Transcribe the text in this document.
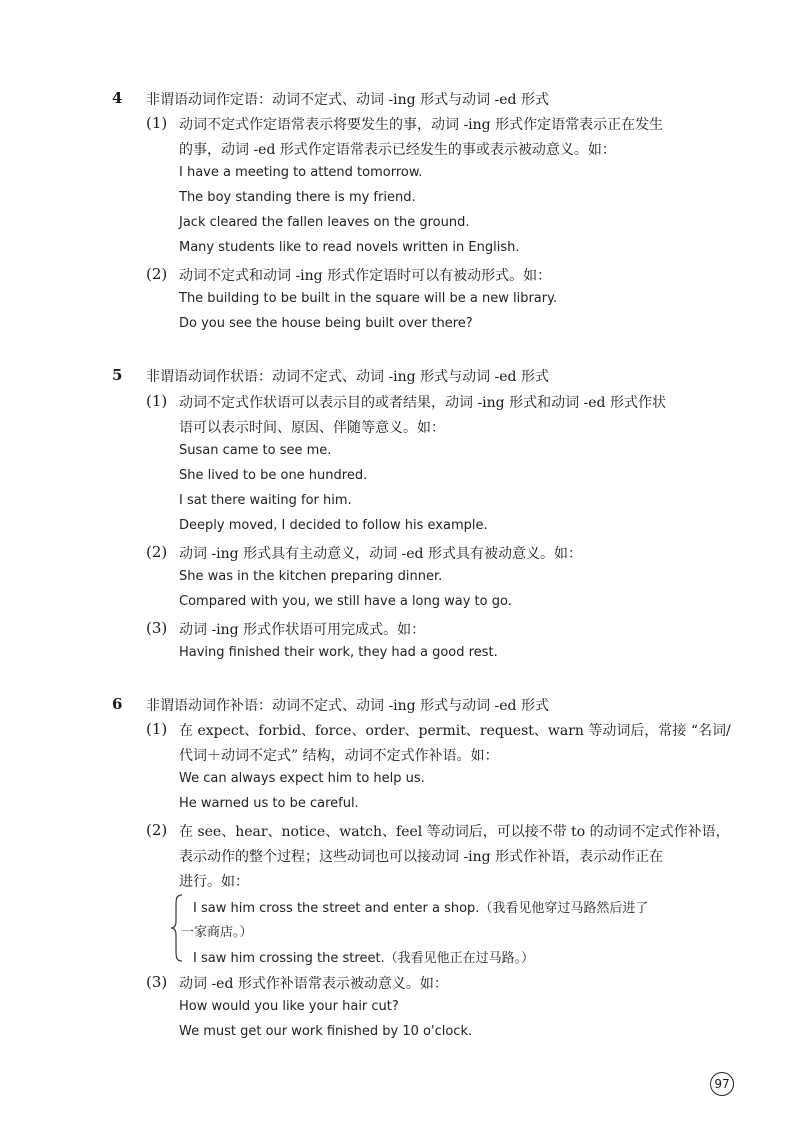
4 非谓语动词作定语：动词不定式、动词 -ing 形式与动词 -ed 形式
(1) 动词不定式作定语常表示将要发生的事，动词 -ing 形式作定语常表示正在发生
的事，动词 -ed 形式作定语常表示已经发生的事或表示被动意义。如：
I have a meeting to attend tomorrow.
The boy standing there is my friend.
Jack cleared the fallen leaves on the ground.
Many students like to read novels written in English.
(2) 动词不定式和动词 -ing 形式作定语时可以有被动形式。如：
The building to be built in the square will be a new library.
Do you see the house being built over there?
5 非谓语动词作状语：动词不定式、动词 -ing 形式与动词 -ed 形式
(1) 动词不定式作状语可以表示目的或者结果，动词 -ing 形式和动词 -ed 形式作状
语可以表示时间、原因、伴随等意义。如：
Susan came to see me.
She lived to be one hundred.
I sat there waiting for him.
Deeply moved, I decided to follow his example.
(2) 动词 -ing 形式具有主动意义，动词 -ed 形式具有被动意义。如：
She was in the kitchen preparing dinner.
Compared with you, we still have a long way to go.
(3) 动词 -ing 形式作状语可用完成式。如：
Having finished their work, they had a good rest.
6 非谓语动词作补语：动词不定式、动词 -ing 形式与动词 -ed 形式
(1) 在 expect、forbid、force、order、permit、request、warn 等动词后，常接 “名词/
代词＋动词不定式” 结构，动词不定式作补语。如：
We can always expect him to help us.
He warned us to be careful.
(2) 在 see、hear、notice、watch、feel 等动词后，可以接不带 to 的动词不定式作补语，
表示动作的整个过程；这些动词也可以接动词 -ing 形式作补语，表示动作正在
进行。如：
I saw him cross the street and enter a shop.（我看见他穿过马路然后进了
一家商店。）
I saw him crossing the street.（我看见他正在过马路。）
(3) 动词 -ed 形式作补语常表示被动意义。如：
How would you like your hair cut?
We must get our work finished by 10 o'clock.
97
